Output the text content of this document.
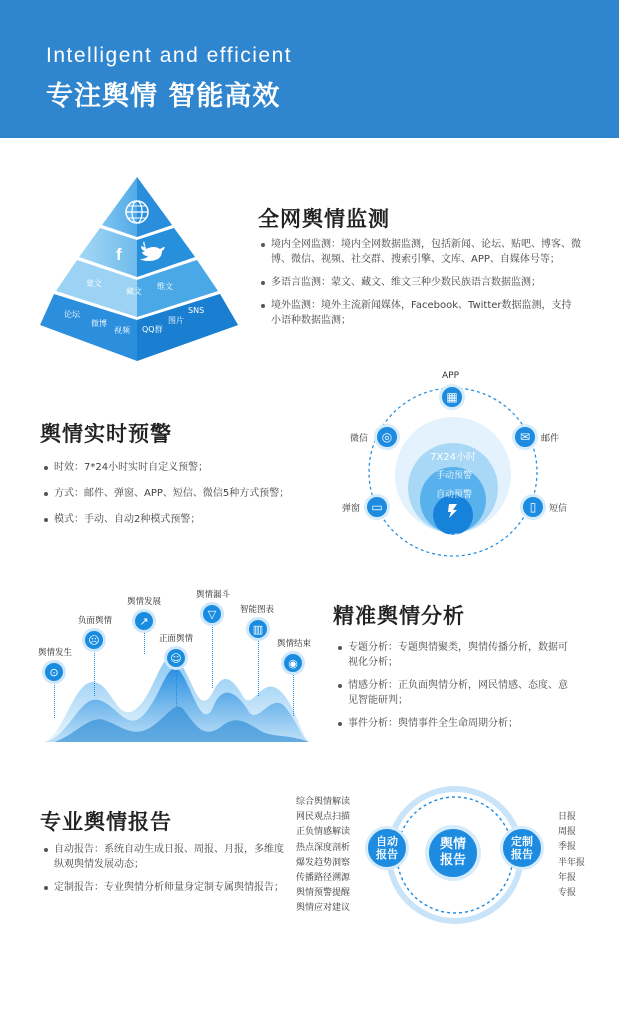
Intelligent and efficient
专注舆情 智能高效
f
蒙文
藏文
维文
论坛
微博
视频 QQ群
图片
SNS
全网舆情监测
境内全网监测：境内全网数据监测，包括新闻、论坛、贴吧、博客、微博、微信、视频、社交群、搜索引擎、文库、APP、自媒体号等；
多语言监测：蒙文、藏文、维文三种少数民族语言数据监测；
境外监测：境外主流新闻媒体，Facebook、Twitter数据监测，支持小语种数据监测；
舆情实时预警
时效：7*24小时实时自定义预警；
方式：邮件、弹窗、APP、短信、微信5种方式预警；
模式：手动、自动2种模式预警；
7X24小时
手动预警
自动预警
预警
▦
APP
◎
微信	✉	邮件
▭
弹窗	▯	短信
⊙
舆情发生
☹
负面舆情	↗
舆情发展
☺
正面舆情
▽
舆情漏斗
▥
智能图表
◉
舆情结束
精准舆情分析
专题分析：专题舆情聚类，舆情传播分析，数据可视化分析；
情感分析：正负面舆情分析，网民情感、态度、意见智能研判；
事件分析：舆情事件全生命周期分析；
专业舆情报告
自动报告：系统自动生成日报、周报、月报，多维度纵观舆情发展动态；
定制报告：专业舆情分析师量身定制专属舆情报告；
综合舆情解读
网民观点扫描
正负情感解读
热点深度剖析
爆发趋势洞察
传播路径溯源
舆情预警提醒
舆情应对建议
自动报告
舆情报告
定制报告
日报
周报
季报
半年报
年报
专报
